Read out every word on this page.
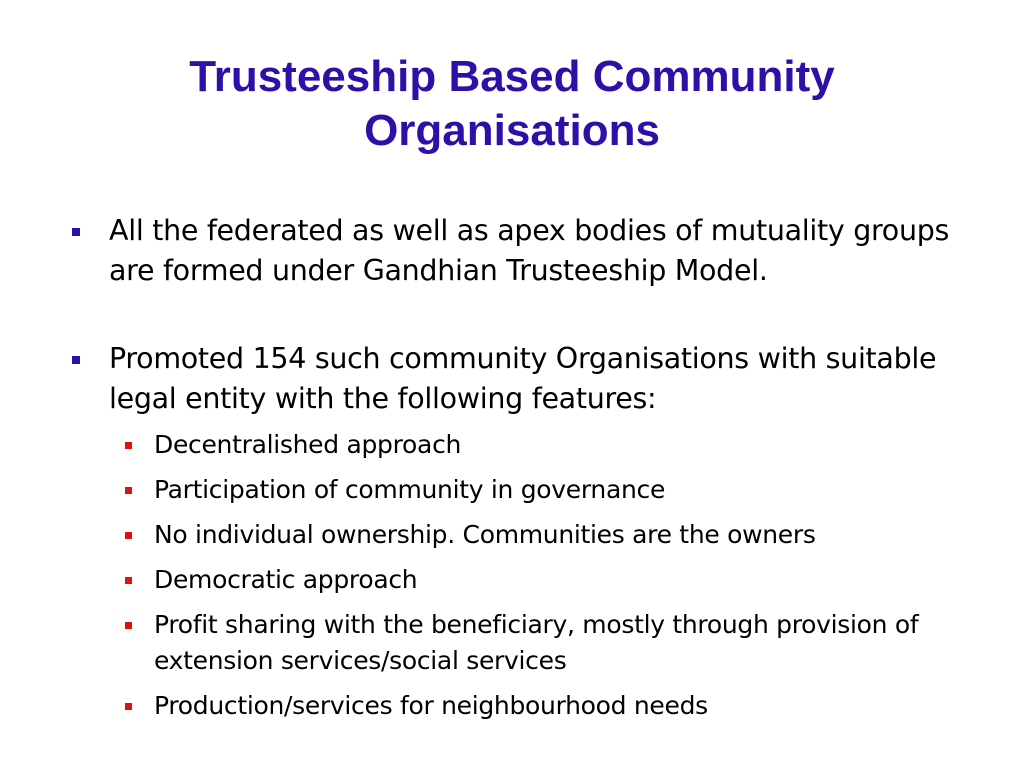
Trusteeship Based Community
Organisations
All the federated as well as apex bodies of mutuality groups are formed under Gandhian Trusteeship Model.
Promoted 154 such community Organisations with suitable legal entity with the following features:
Decentralished approach
Participation of community in governance
No individual ownership. Communities are the owners
Democratic approach
Profit sharing with the beneficiary, mostly through provision of extension services/social services
Production/services for neighbourhood needs
